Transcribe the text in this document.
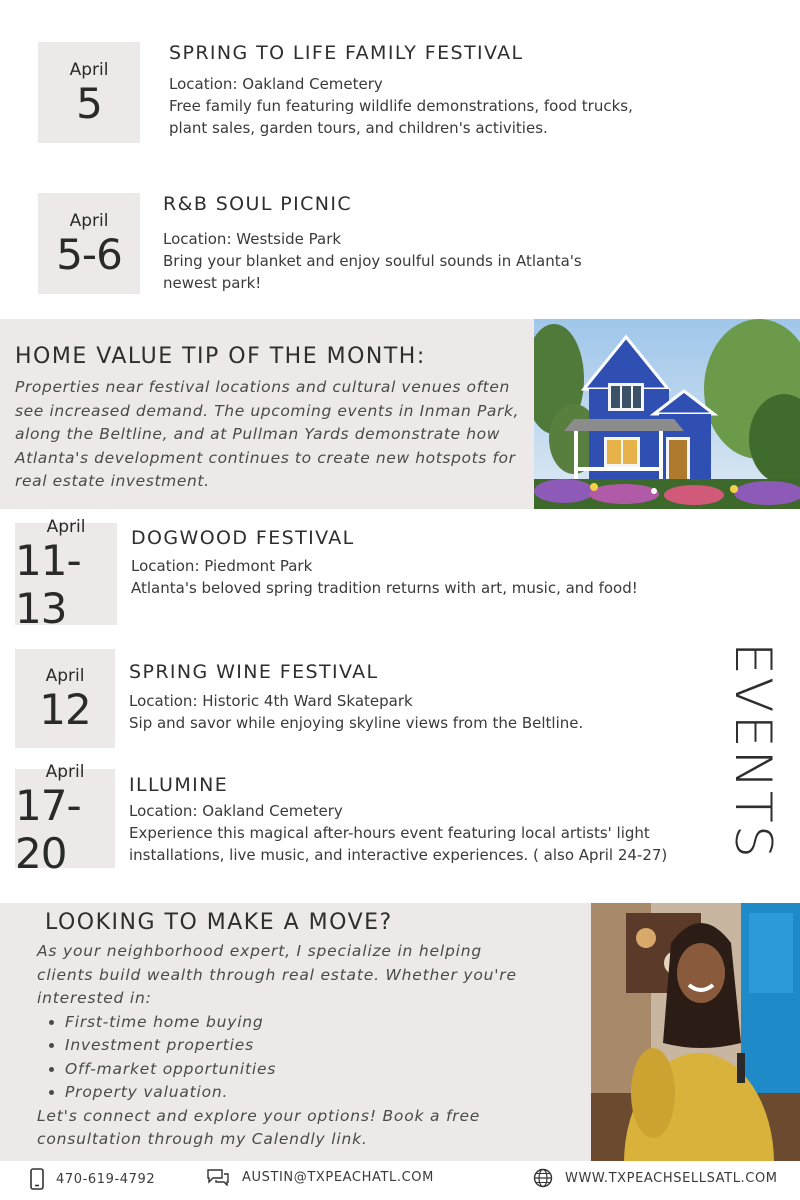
April
5
SPRING TO LIFE FAMILY FESTIVAL

Location: Oakland Cemetery

Free family fun featuring wildlife demonstrations, food trucks, plant sales, garden tours, and children's activities.

April
5-6
R&B SOUL PICNIC

Location: Westside Park

Bring your blanket and enjoy soulful sounds in Atlanta's newest park!

HOME VALUE TIP OF THE MONTH:
Properties near festival locations and cultural venues often see increased demand. The upcoming events in Inman Park, along the Beltline, and at Pullman Yards demonstrate how Atlanta's development continues to create new hotspots for real estate investment.
April
11-13
DOGWOOD FESTIVAL

Location: Piedmont Park

Atlanta's beloved spring tradition returns with art, music, and food!

April
12
SPRING WINE FESTIVAL

Location: Historic 4th Ward Skatepark

Sip and savor while enjoying skyline views from the Beltline.

April
17-20
ILLUMINE

Location: Oakland Cemetery

Experience this magical after-hours event featuring local artists' light installations, live music, and interactive experiences. ( also April 24-27)

EVENTS
LOOKING TO MAKE A MOVE?
As your neighborhood expert, I specialize in helping clients build wealth through real estate. Whether you're interested in:
• First-time home buying
• Investment properties
• Off-market opportunities
• Property valuation.
Let's connect and explore your options! Book a free consultation through my Calendly link.
470-619-4792	AUSTIN@TXPEACHATL.COM	WWW.TXPEACHSELLSATL.COM
